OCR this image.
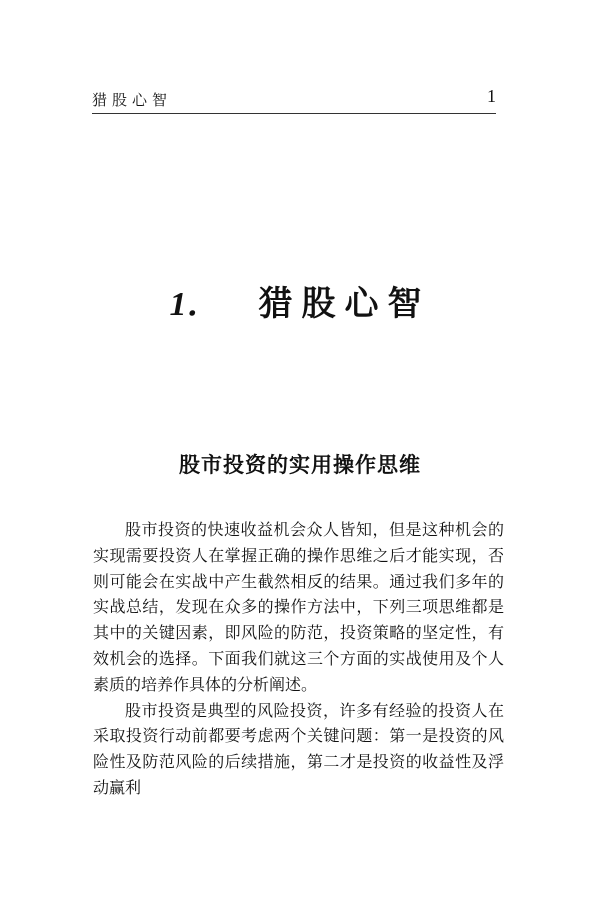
猎股心智	1
1． 猎股心智
股市投资的实用操作思维

股市投资的快速收益机会众人皆知，但是这种机会的实现需要投资人在掌握正确的操作思维之后才能实现，否则可能会在实战中产生截然相反的结果。通过我们多年的实战总结，发现在众多的操作方法中，下列三项思维都是其中的关键因素，即风险的防范，投资策略的坚定性，有效机会的选择。下面我们就这三个方面的实战使用及个人素质的培养作具体的分析阐述。

股市投资是典型的风险投资，许多有经验的投资人在采取投资行动前都要考虑两个关键问题：第一是投资的风险性及防范风险的后续措施，第二才是投资的收益性及浮动赢利
